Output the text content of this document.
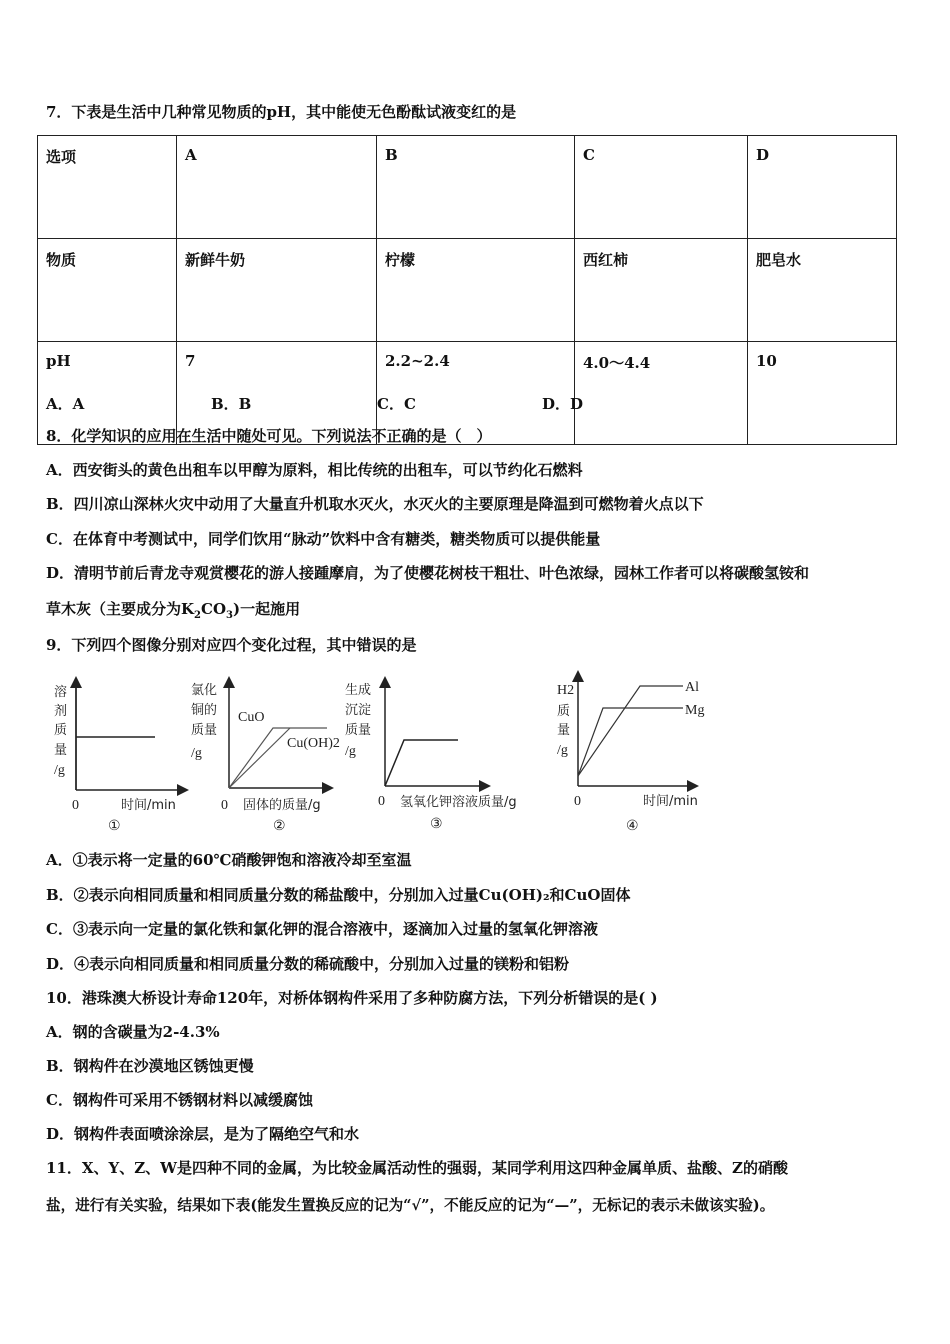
7．下表是生活中几种常见物质的pH，其中能使无色酚酞试液变红的是
选项	A	B	C	D
物质	新鲜牛奶	柠檬	西红柿	肥皂水
pH	7	2.2~2.4	4.0～4.4	10
A．A	B．B	C．C	D．D
8．化学知识的应用在生活中随处可见。下列说法不正确的是（　）
A．西安街头的黄色出租车以甲醇为原料，相比传统的出租车，可以节约化石燃料
B．四川凉山深林火灾中动用了大量直升机取水灭火，水灭火的主要原理是降温到可燃物着火点以下
C．在体育中考测试中，同学们饮用“脉动”饮料中含有糖类，糖类物质可以提供能量
D．清明节前后青龙寺观赏樱花的游人接踵摩肩，为了使樱花树枝干粗壮、叶色浓绿，园林工作者可以将碳酸氢铵和
草木灰（主要成分为$K_2CO_3$)一起施用
9．下列四个图像分别对应四个变化过程，其中错误的是
溶
剂
质
量
/g
0	时间/min
①
氯化
铜的
质量
/g
CuO
Cu(OH)2
0 固体的质量/g
②
生成
沉淀
质量
/g
0 氢氧化钾溶液质量/g
③
H2
质
量
/g
Al
Mg
0	时间/min
④
A．①表示将一定量的60℃硝酸钾饱和溶液冷却至室温
B．②表示向相同质量和相同质量分数的稀盐酸中，分别加入过量Cu(OH)₂和CuO固体
C．③表示向一定量的氯化铁和氯化钾的混合溶液中，逐滴加入过量的氢氧化钾溶液
D．④表示向相同质量和相同质量分数的稀硫酸中，分别加入过量的镁粉和铝粉
10．港珠澳大桥设计寿命120年，对桥体钢构件采用了多种防腐方法，下列分析错误的是( )
A．钢的含碳量为2-4.3%
B．钢构件在沙漠地区锈蚀更慢
C．钢构件可采用不锈钢材料以减缓腐蚀
D．钢构件表面喷涂涂层，是为了隔绝空气和水
11．X、Y、Z、W是四种不同的金属，为比较金属活动性的强弱，某同学利用这四种金属单质、盐酸、Z的硝酸
盐，进行有关实验，结果如下表(能发生置换反应的记为“√”，不能反应的记为“—”，无标记的表示未做该实验)。
